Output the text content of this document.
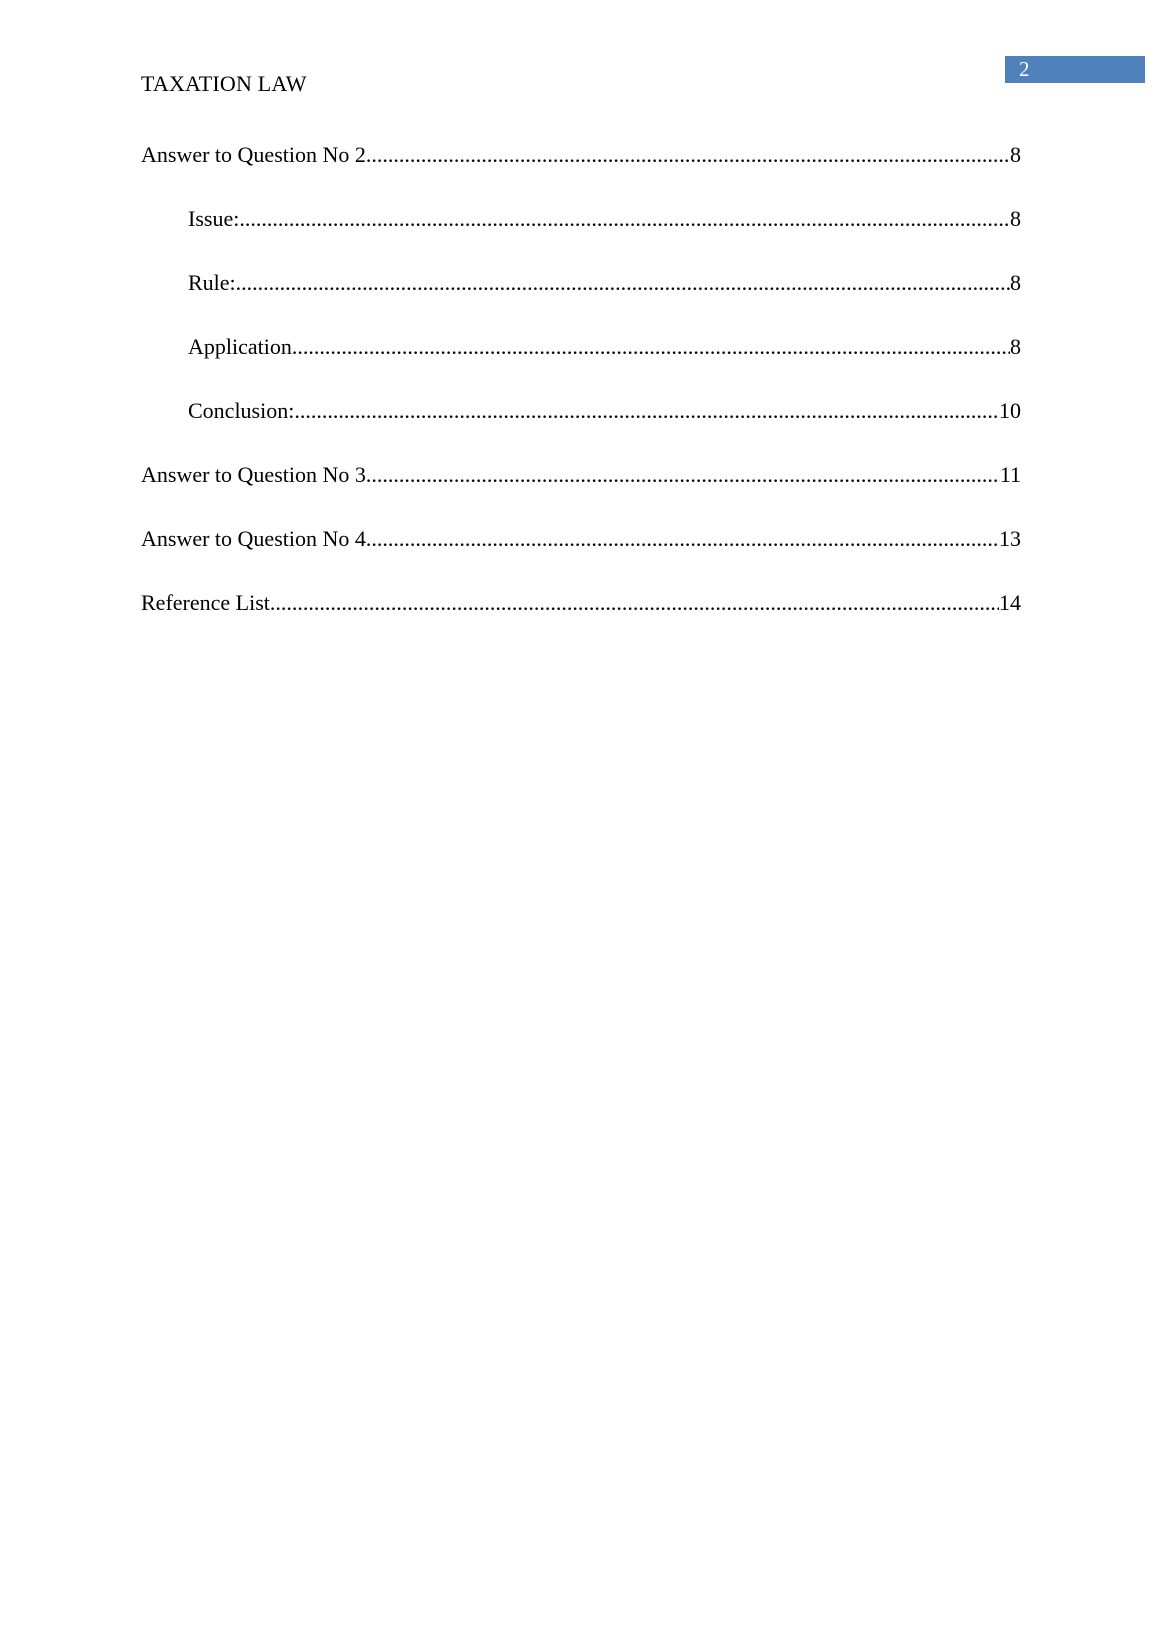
2
TAXATION LAW
Answer to Question No 2 .....	8
Issue: .....	8
Rule: .....	8
Application .....	8
Conclusion: .....	10
Answer to Question No 3 .....	11
Answer to Question No 4 .....	13
Reference List .....	14
